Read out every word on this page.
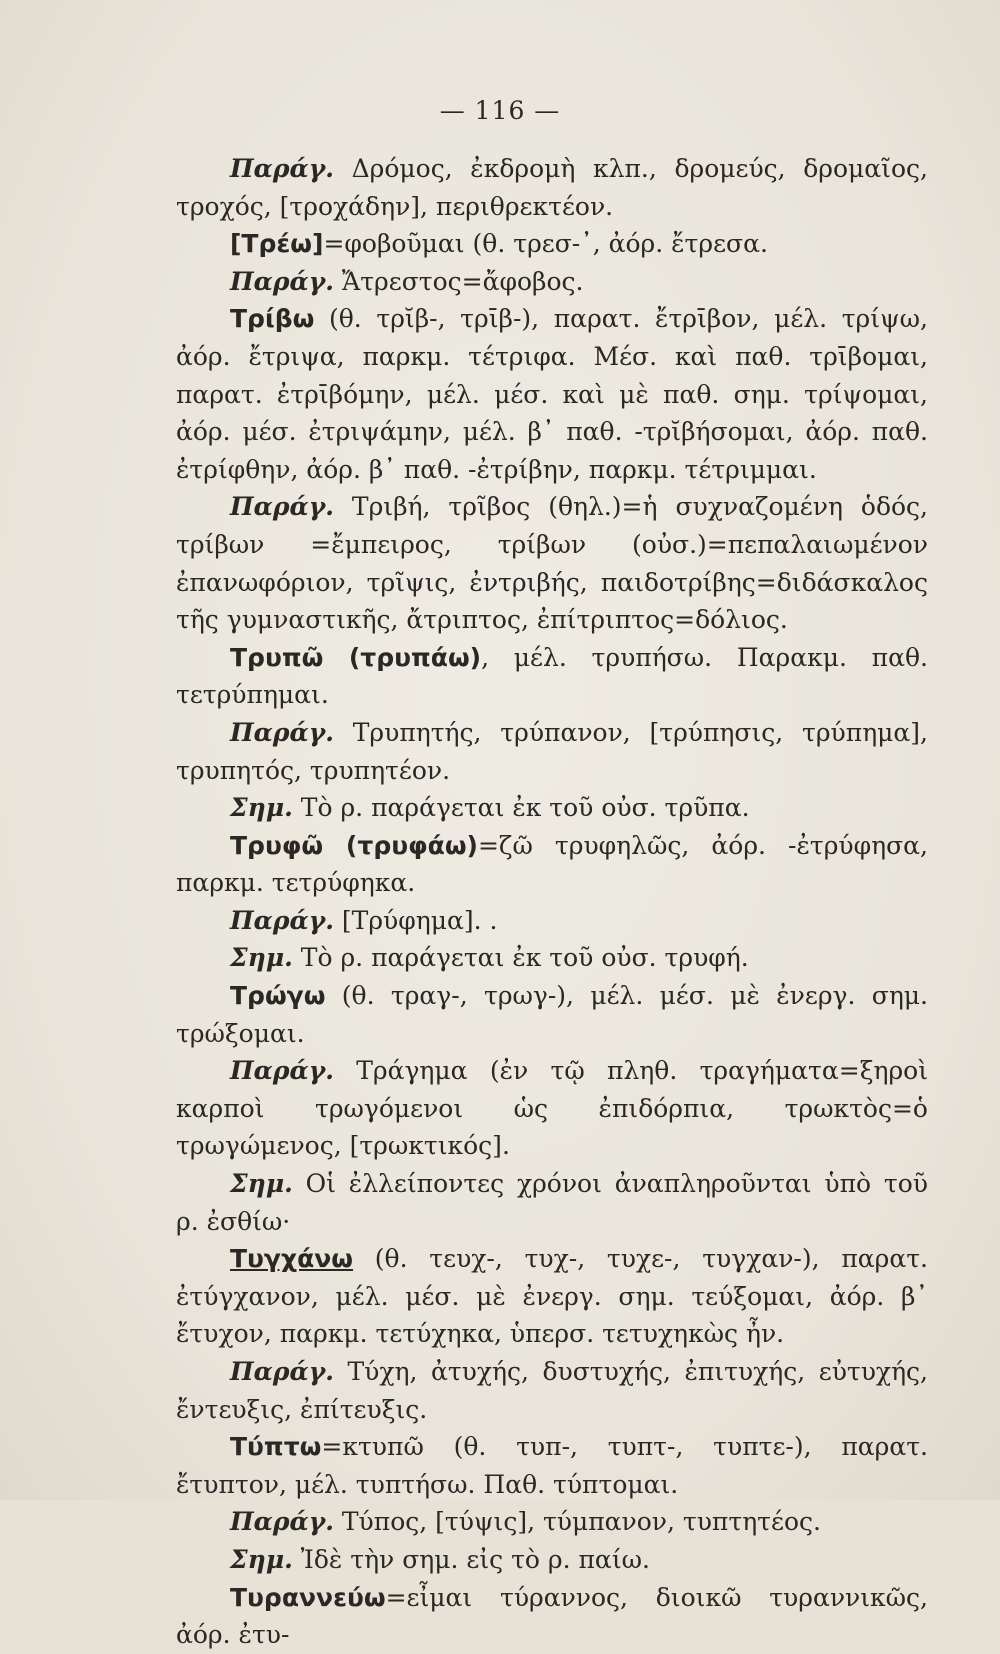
— 116 —

Παράγ. Δρόμος, ἐκδρομὴ κλπ., δρομεύς, δρομαῖος, τροχός, [τροχάδην], περιθρεκτέον.

[Τρέω]=φοβοῦμαι (θ. τρεσ-᾽, ἀόρ. ἔτρεσα.

Παράγ. Ἄτρεστος=ἄφοβος.

Τρίβω (θ. τρῐβ-, τρῑβ-), παρατ. ἔτρῑβον, μέλ. τρίψω, ἀόρ. ἔτριψα, παρκμ. τέτριφα. Μέσ. καὶ παθ. τρῑβομαι, παρατ. ἐτρῑβόμην, μέλ. μέσ. καὶ μὲ παθ. σημ. τρίψομαι, ἀόρ. μέσ. ἐτριψάμην, μέλ. β᾽ παθ. -τρῐβήσομαι, ἀόρ. παθ. ἐτρίφθην, ἀόρ. β᾽ παθ. -ἐτρίβην, παρκμ. τέτριμμαι.

Παράγ. Τριβή, τρῖβος (θηλ.)=ἡ συχναζομένη ὁδός, τρίβων =ἔμπειρος, τρίβων (οὐσ.)=πεπαλαιωμένον ἐπανωφόριον, τρῖψις, ἐντριβής, παιδοτρίβης=διδάσκαλος τῆς γυμναστικῆς, ἄτριπτος, ἐπίτριπτος=δόλιος.

Τρυπῶ (τρυπάω), μέλ. τρυπήσω. Παρακμ. παθ. τετρύπημαι.

Παράγ. Τρυπητής, τρύπανον, [τρύπησις, τρύπημα], τρυπητός, τρυπητέον.

Σημ. Τὸ ρ. παράγεται ἐκ τοῦ οὐσ. τρῦπα.

Τρυφῶ (τρυφάω)=ζῶ τρυφηλῶς, ἀόρ. -ἐτρύφησα, παρκμ. τετρύφηκα.

Παράγ. [Τρύφημα]. .

Σημ. Τὸ ρ. παράγεται ἐκ τοῦ οὐσ. τρυφή.

Τρώγω (θ. τραγ-, τρωγ-), μέλ. μέσ. μὲ ἐνεργ. σημ. τρώξομαι.

Παράγ. Τράγημα (ἐν τῷ πληθ. τραγήματα=ξηροὶ καρποὶ τρωγόμενοι ὡς ἐπιδόρπια, τρωκτὸς=ὁ τρωγώμενος, [τρωκτικός].

Σημ. Οἱ ἐλλείποντες χρόνοι ἀναπληροῦνται ὑπὸ τοῦ ρ. ἐσθίω·

Τυγχάνω (θ. τευχ-, τυχ-, τυχε-, τυγχαν-), παρατ. ἐτύγχανον, μέλ. μέσ. μὲ ἐνεργ. σημ. τεύξομαι, ἀόρ. β᾽ ἔτυχον, παρκμ. τετύχηκα, ὑπερσ. τετυχηκὼς ἦν.

Παράγ. Τύχη, ἀτυχής, δυστυχής, ἐπιτυχής, εὐτυχής, ἔντευξις, ἐπίτευξις.

Τύπτω=κτυπῶ (θ. τυπ-, τυπτ-, τυπτε-), παρατ. ἔτυπτον, μέλ. τυπτήσω. Παθ. τύπτομαι.

Παράγ. Τύπος, [τύψις], τύμπανον, τυπτητέος.

Σημ. Ἰδὲ τὴν σημ. εἰς τὸ ρ. παίω.

Τυραννεύω=εἶμαι τύραννος, διοικῶ τυραννικῶς, ἀόρ. ἐτυ-
